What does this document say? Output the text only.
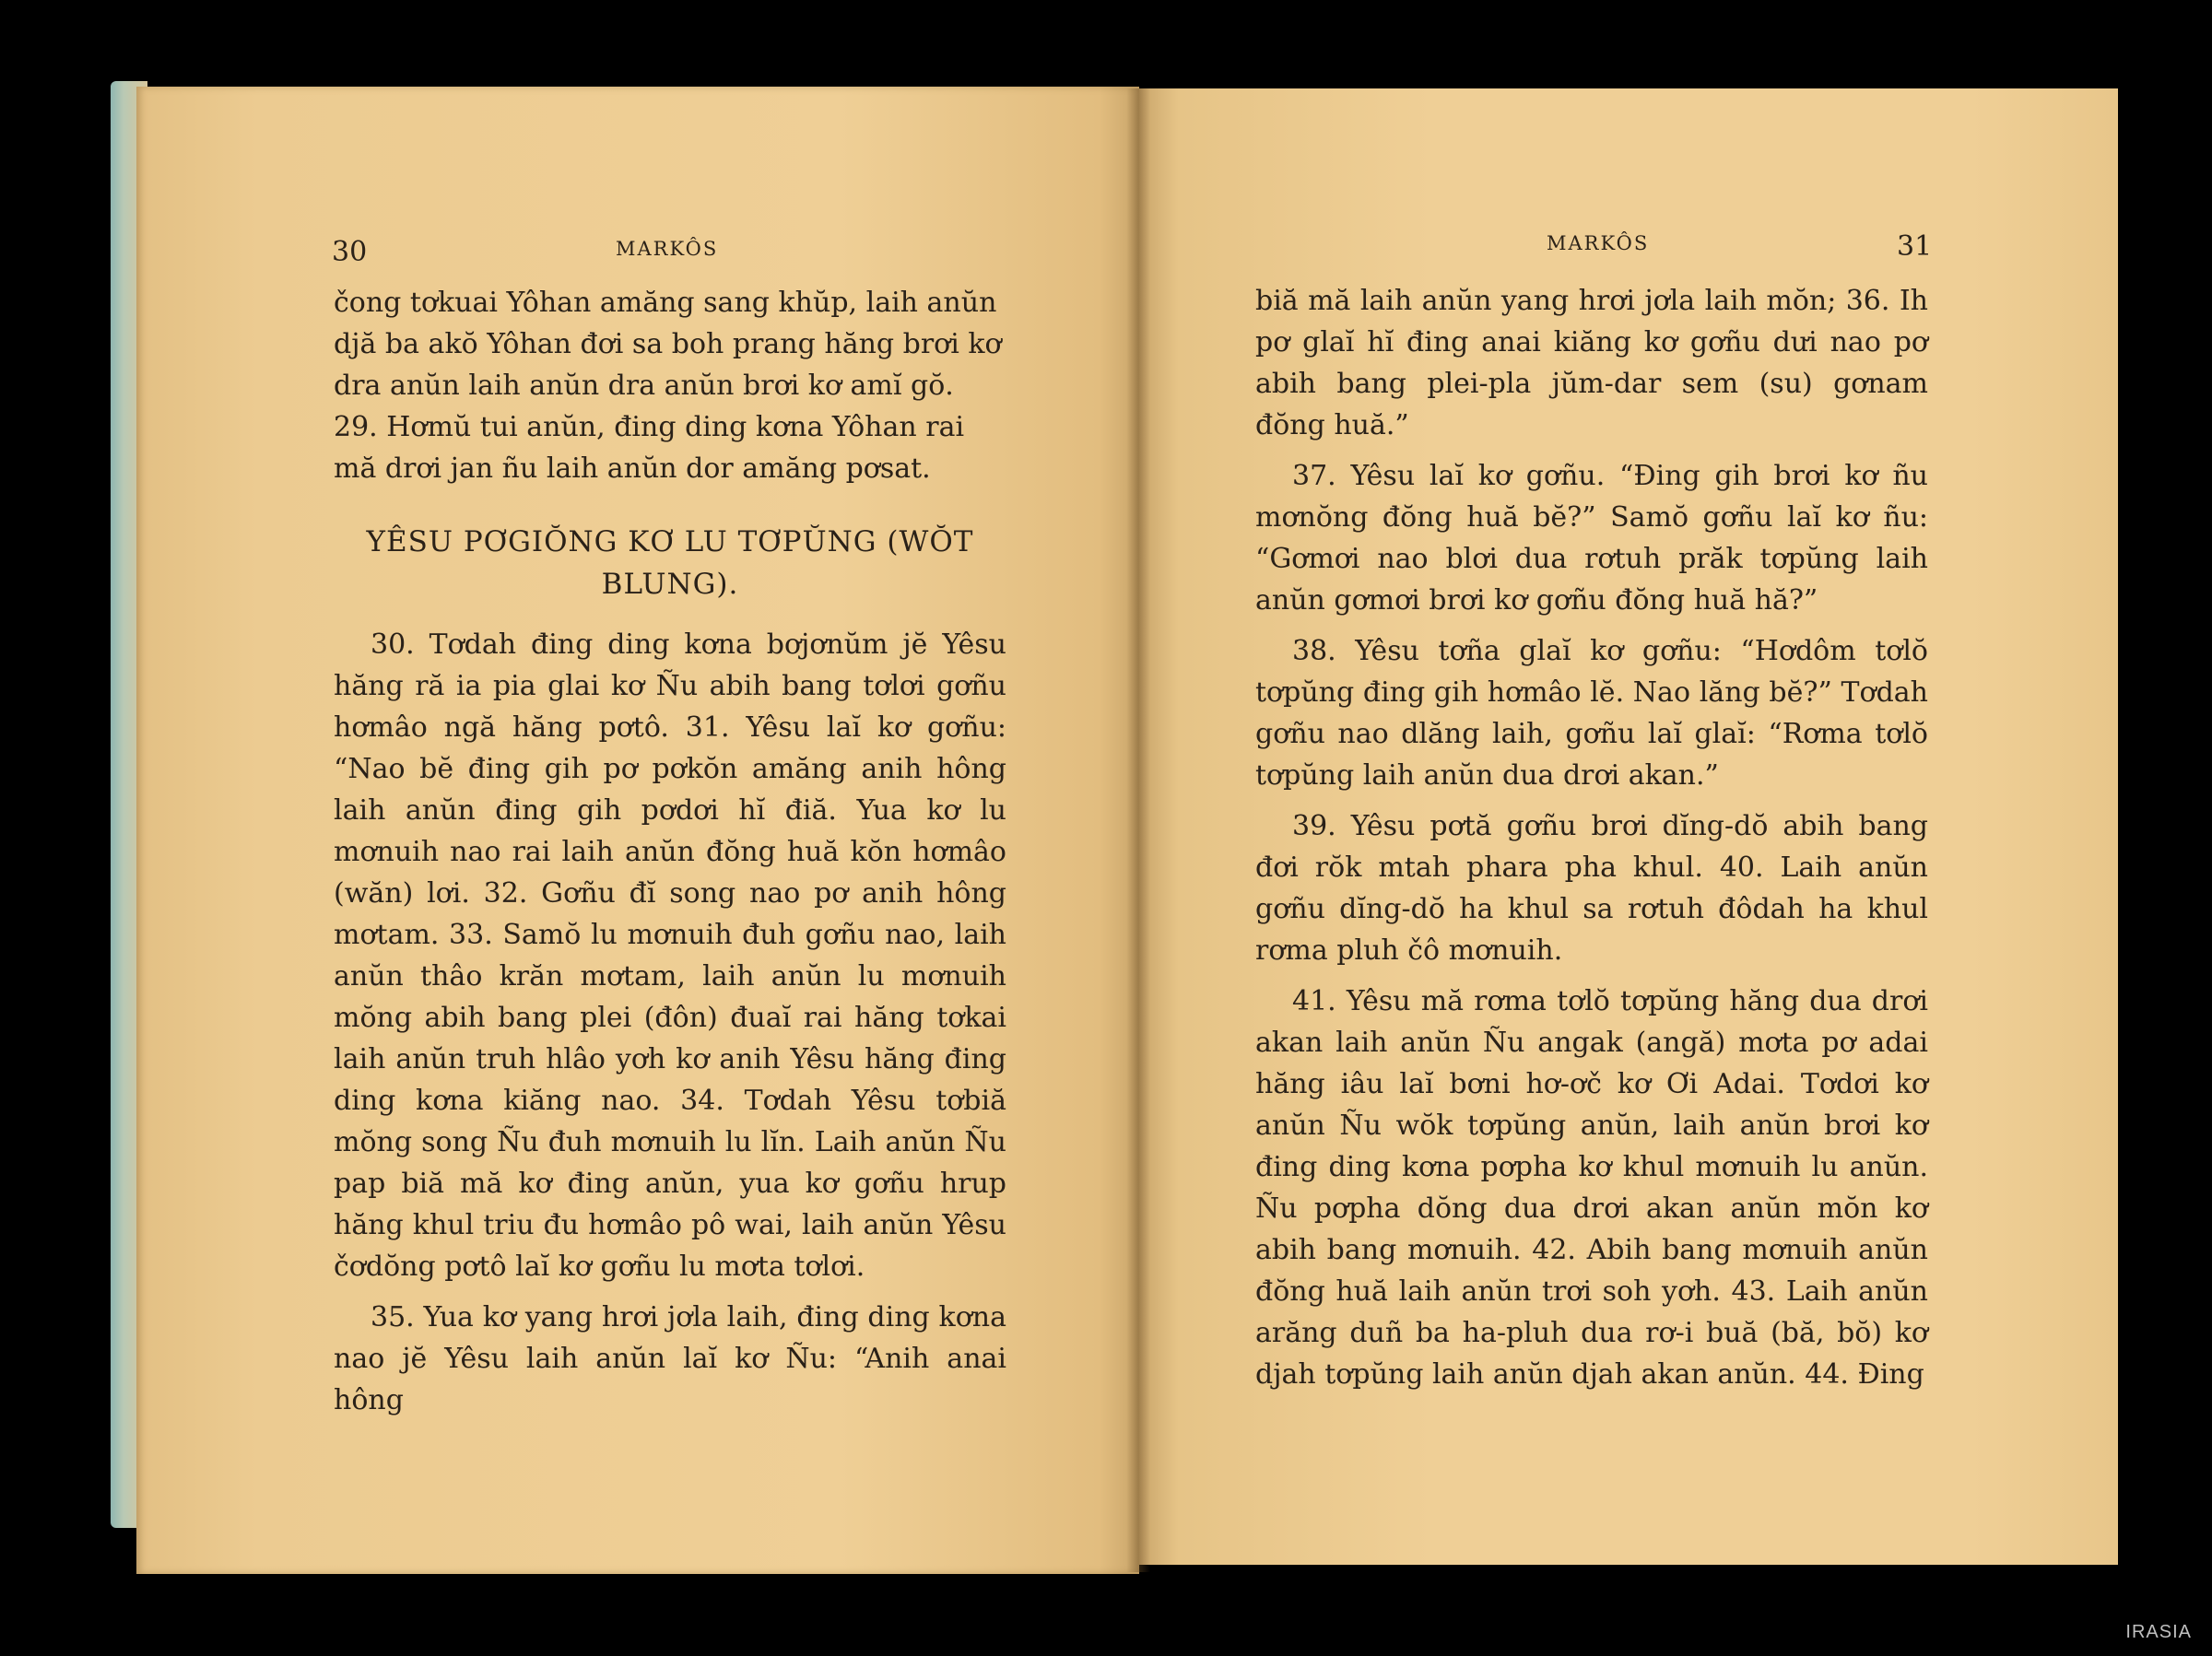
30	MARKÔS

čong tơkuai Yôhan amăng sang khŭp, laih anŭn

djă ba akŏ Yôhan đơi sa boh prang hăng brơi kơ

dra anŭn laih anŭn dra anŭn brơi kơ amĭ gŏ.

29. Hơmŭ tui anŭn, đing ding kơna Yôhan rai

mă drơi jan ñu laih anŭn dor amăng pơsat.

YÊSU PƠGIŎNG KƠ LU TƠPŬNG (WŎT
BLUNG).

30. Tơdah đing ding kơna bơjơnŭm jĕ Yêsu hăng ră ia pia glai kơ Ñu abih bang tơlơi gơñu hơmâo ngă hăng pơtô. 31. Yêsu laĭ kơ gơñu: “Nao bĕ đing gih pơ pơkŏn amăng anih hông laih anŭn đing gih pơdơi hĭ điă. Yua kơ lu mơnuih nao rai laih anŭn đŏng huă kŏn hơmâo (wăn) lơi. 32. Gơñu đĭ song nao pơ anih hông mơtam. 33. Samŏ lu mơnuih đuh gơñu nao, laih anŭn thâo krăn mơtam, laih anŭn lu mơnuih mŏng abih bang plei (đôn) đuaĭ rai hăng tơkai laih anŭn truh hlâo yơh kơ anih Yêsu hăng đing ding kơna kiăng nao. 34. Tơdah Yêsu tơbiă mŏng song Ñu đuh mơnuih lu lĭn. Laih anŭn Ñu pap biă mă kơ đing anŭn, yua kơ gơñu hrup hăng khul triu đu hơmâo pô wai, laih anŭn Yêsu čơdŏng pơtô laĭ kơ gơñu lu mơta tơlơi.

35. Yua kơ yang hrơi jơla laih, đing ding kơna nao jĕ Yêsu laih anŭn laĭ kơ Ñu: “Anih anai hông

MARKÔS	31

biă mă laih anŭn yang hrơi jơla laih mŏn; 36. Ih pơ glaĭ hĭ đing anai kiăng kơ gơñu dưi nao pơ abih bang plei-pla jŭm-dar sem (su) gơnam đŏng huă.”

37. Yêsu laĭ kơ gơñu. “Đing gih brơi kơ ñu mơnŏng đŏng huă bĕ?” Samŏ gơñu laĭ kơ ñu: “Gơmơi nao blơi dua rơtuh prăk tơpŭng laih anŭn gơmơi brơi kơ gơñu đŏng huă hă?”

38. Yêsu tơña glaĭ kơ gơñu: “Hơdôm tơlŏ tơpŭng đing gih hơmâo lĕ. Nao lăng bĕ?” Tơdah gơñu nao dlăng laih, gơñu laĭ glaĭ: “Rơma tơlŏ tơpŭng laih anŭn dua drơi akan.”

39. Yêsu pơtă gơñu brơi dĭng-dŏ abih bang đơi rŏk mtah phara pha khul. 40. Laih anŭn gơñu dĭng-dŏ ha khul sa rơtuh đôdah ha khul rơma pluh čô mơnuih.

41. Yêsu mă rơma tơlŏ tơpŭng hăng dua drơi akan laih anŭn Ñu angak (angă) mơta pơ adai hăng iâu laĭ bơni hơ-ơč kơ Ơi Adai. Tơdơi kơ anŭn Ñu wŏk tơpŭng anŭn, laih anŭn brơi kơ đing ding kơna pơpha kơ khul mơnuih lu anŭn. Ñu pơpha dŏng dua drơi akan anŭn mŏn kơ abih bang mơnuih. 42. Abih bang mơnuih anŭn đŏng huă laih anŭn trơi soh yơh. 43. Laih anŭn arăng duñ ba ha-pluh dua rơ-i buă (bă, bŏ) kơ djah tơpŭng laih anŭn djah akan anŭn. 44. Đing

IRASIA
